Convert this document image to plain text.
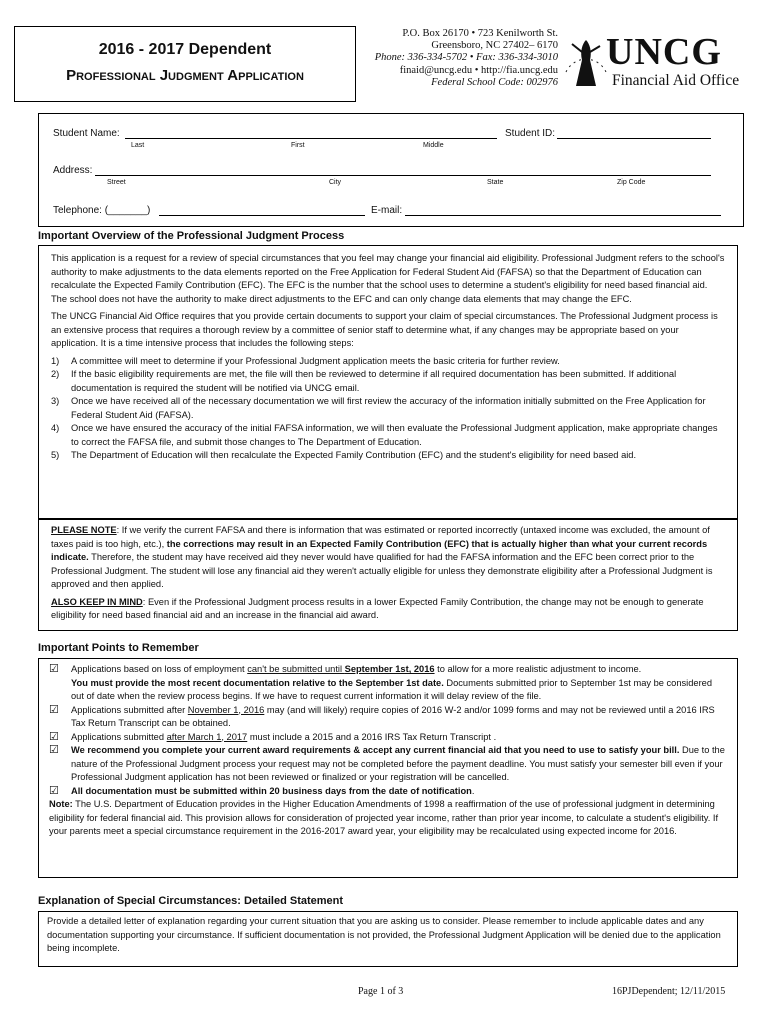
2016 - 2017 Dependent
Professional Judgment Application
P.O. Box 26170 • 723 Kenilworth St.
Greensboro, NC 27402– 6170
Phone: 336-334-5702 • Fax: 336-334-3010
finaid@uncg.edu • http://fia.uncg.edu
Federal School Code: 002976
UNCG
Financial Aid Office
Student Name:	Student ID:
Last	First	Middle
Address:
Street	City	State	Zip Code
Telephone: (_______)	E-mail:
Important Overview of the Professional Judgment Process

This application is a request for a review of special circumstances that you feel may change your financial aid eligibility. Professional Judgment refers to the school's authority to make adjustments to the data elements reported on the Free Application for Federal Student Aid (FAFSA) so that the Department of Education can recalculate the Expected Family Contribution (EFC). The EFC is the number that the school uses to determine a student's eligibility for need based financial aid. The school does not have the authority to make direct adjustments to the EFC and can only change data elements that may change the EFC.

The UNCG Financial Aid Office requires that you provide certain documents to support your claim of special circumstances. The Professional Judgment process is an extensive process that requires a thorough review by a committee of senior staff to determine what, if any changes may be appropriate based on your application. It is a time intensive process that includes the following steps:

1)	A committee will meet to determine if your Professional Judgment application meets the basic criteria for further review.
2)	If the basic eligibility requirements are met, the file will then be reviewed to determine if all required documentation has been submitted. If additional documentation is required the student will be notified via UNCG email.
3)	Once we have received all of the necessary documentation we will first review the accuracy of the information initially submitted on the Free Application for Federal Student Aid (FAFSA).
4)	Once we have ensured the accuracy of the initial FAFSA information, we will then evaluate the Professional Judgment application, make appropriate changes to correct the FAFSA file, and submit those changes to The Department of Education.
5)	The Department of Education will then recalculate the Expected Family Contribution (EFC) and the student's eligibility for need based aid.

PLEASE NOTE: If we verify the current FAFSA and there is information that was estimated or reported incorrectly (untaxed income was excluded, the amount of taxes paid is too high, etc.), the corrections may result in an Expected Family Contribution (EFC) that is actually higher than what your current records indicate. Therefore, the student may have received aid they never would have qualified for had the FAFSA information and the EFC been correct prior to the Professional Judgment. The student will lose any financial aid they weren't actually eligible for unless they demonstrate eligibility after a Professional Judgment is approved and then applied.

ALSO KEEP IN MIND: Even if the Professional Judgment process results in a lower Expected Family Contribution, the change may not be enough to generate eligibility for need based financial aid and an increase in the financial aid award.

Important Points to Remember
☑	Applications based on loss of employment can't be submitted until September 1st, 2016 to allow for a more realistic adjustment to income.
You must provide the most recent documentation relative to the September 1st date. Documents submitted prior to September 1st may be considered out of date when the review process begins. If we have to request current information it will delay review of the file.
☑	Applications submitted after November 1, 2016 may (and will likely) require copies of 2016 W-2 and/or 1099 forms and may not be reviewed until a 2016 IRS Tax Return Transcript can be obtained.
☑	Applications submitted after March 1, 2017 must include a 2015 and a 2016 IRS Tax Return Transcript .
☑	We recommend you complete your current award requirements & accept any current financial aid that you need to use to satisfy your bill. Due to the nature of the Professional Judgment process your request may not be completed before the payment deadline. You must satisfy your semester bill even if your Professional Judgment application has not been reviewed or finalized or your registration will be cancelled.
☑	All documentation must be submitted within 20 business days from the date of notification.

Note: The U.S. Department of Education provides in the Higher Education Amendments of 1998 a reaffirmation of the use of professional judgment in determining eligibility for federal financial aid. This provision allows for consideration of projected year income, rather than prior year income, to calculate a student's eligibility. If your parents meet a special circumstance requirement in the 2016-2017 award year, your eligibility may be recalculated using expected income for 2016.

Explanation of Special Circumstances: Detailed Statement

Provide a detailed letter of explanation regarding your current situation that you are asking us to consider. Please remember to include applicable dates and any documentation supporting your circumstance. If sufficient documentation is not provided, the Professional Judgment Application will be denied due to the application being incomplete.

Page 1 of 3	16PJDependent; 12/11/2015
